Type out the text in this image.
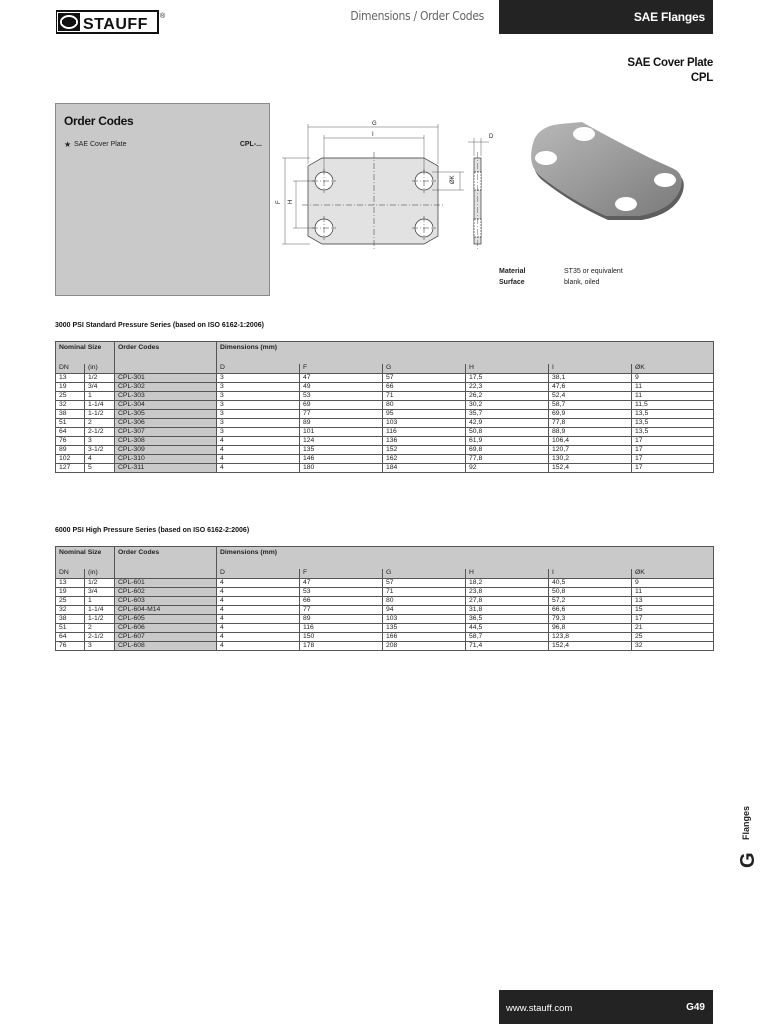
STAUFF ®	Dimensions / Order Codes	SAE Flanges
SAE Cover Plate
CPL
Order Codes
★ SAE Cover Plate	CPL-...
G
I	D
ØK
F H
Material	ST35 or equivalent
Surface	blank, oiled
3000 PSI Standard Pressure Series (based on ISO 6162-1:2006)
Nominal Size		Order Codes	Dimensions (mm)					
DN	(in)		D	F	G	H	I	ØK
13	1/2	CPL-301	3	47	57	17,5	38,1	9
19	3/4	CPL-302	3	49	66	22,3	47,6	11
25	1	CPL-303	3	53	71	26,2	52,4	11
32	1-1/4	CPL-304	3	69	80	30,2	58,7	11,5
38	1-1/2	CPL-305	3	77	95	35,7	69,9	13,5
51	2	CPL-306	3	89	103	42,9	77,8	13,5
64	2-1/2	CPL-307	3	101	116	50,8	88,9	13,5
76	3	CPL-308	4	124	136	61,9	106,4	17
89	3-1/2	CPL-309	4	135	152	69,8	120,7	17
102	4	CPL-310	4	146	162	77,8	130,2	17
127	5	CPL-311	4	180	184	92	152,4	17
6000 PSI High Pressure Series (based on ISO 6162-2:2006)
Nominal Size		Order Codes	Dimensions (mm)					
DN	(in)		D	F	G	H	I	ØK
13	1/2	CPL-601	4	47	57	18,2	40,5	9
19	3/4	CPL-602	4	53	71	23,8	50,8	11
25	1	CPL-603	4	66	80	27,8	57,2	13
32	1-1/4	CPL-604-M14	4	77	94	31,8	66,6	15
38	1-1/2	CPL-605	4	89	103	36,5	79,3	17
51	2	CPL-606	4	116	135	44,5	96,8	21
64	2-1/2	CPL-607	4	150	166	58,7	123,8	25
76	3	CPL-608	4	178	208	71,4	152,4	32
Flanges
G
www.stauff.com	G49
